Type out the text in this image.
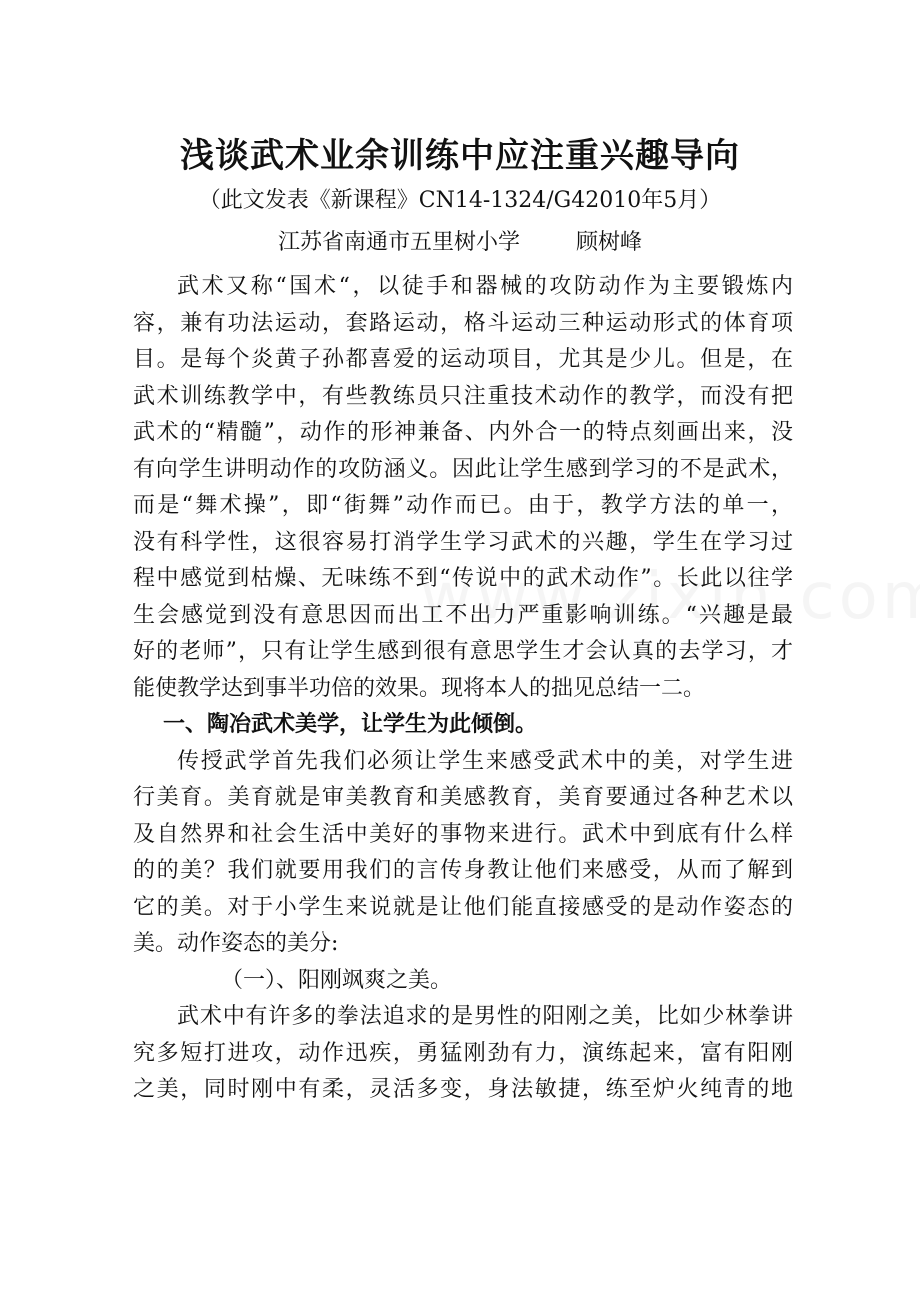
浅谈武术业余训练中应注重兴趣导向

（此文发表《新课程》CN14-1324/G42010年5月）

江苏省南通市五里树小学	顾树峰

武术又称“国术“，以徒手和器械的攻防动作为主要锻炼内
容，兼有功法运动，套路运动，格斗运动三种运动形式的体育项
目。是每个炎黄子孙都喜爱的运动项目，尤其是少儿。但是，在
武术训练教学中，有些教练员只注重技术动作的教学，而没有把
武术的“精髓”，动作的形神兼备、内外合一的特点刻画出来，没
有向学生讲明动作的攻防涵义。因此让学生感到学习的不是武术，
而是“舞术操”，即“街舞”动作而已。由于，教学方法的单一，
没有科学性，这很容易打消学生学习武术的兴趣，学生在学习过
程中感觉到枯燥、无味练不到“传说中的武术动作”。长此以往学
生会感觉到没有意思因而出工不出力严重影响训练。“兴趣是最
好的老师”，只有让学生感到很有意思学生才会认真的去学习，才
能使教学达到事半功倍的效果。现将本人的拙见总结一二。

一、陶冶武术美学，让学生为此倾倒。

传授武学首先我们必须让学生来感受武术中的美，对学生进
行美育。美育就是审美教育和美感教育，美育要通过各种艺术以
及自然界和社会生活中美好的事物来进行。武术中到底有什么样
的的美？我们就要用我们的言传身教让他们来感受，从而了解到
它的美。对于小学生来说就是让他们能直接感受的是动作姿态的
美。动作姿态的美分:

（一）、阳刚飒爽之美。

武术中有许多的拳法追求的是男性的阳刚之美，比如少林拳讲
究多短打进攻，动作迅疾，勇猛刚劲有力，演练起来，富有阳刚
之美，同时刚中有柔，灵活多变，身法敏捷，练至炉火纯青的地
